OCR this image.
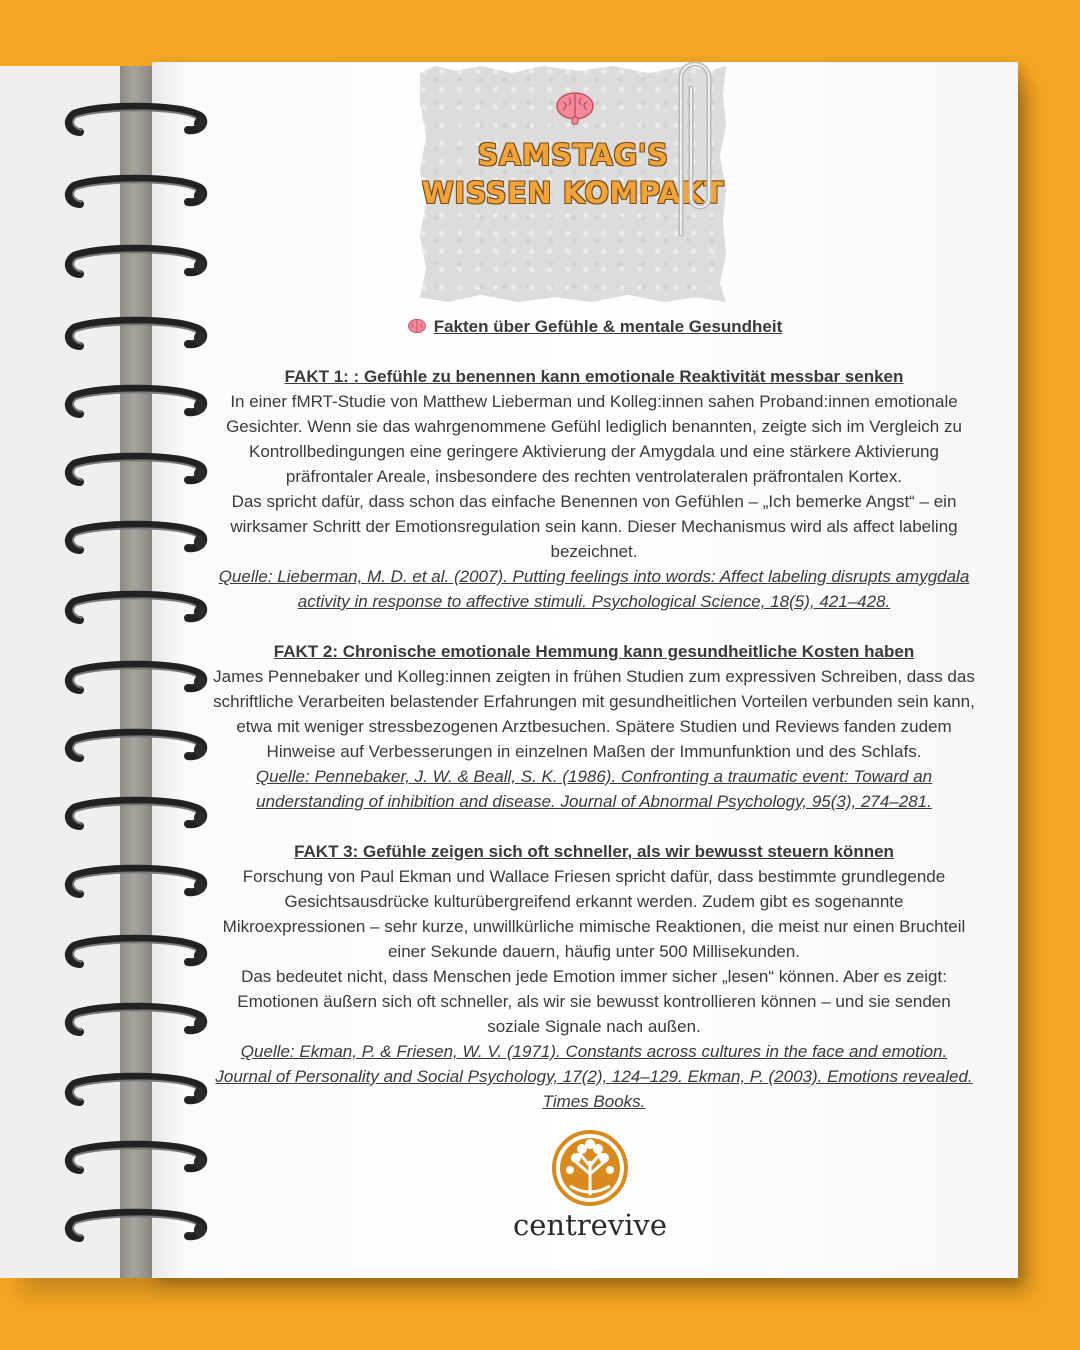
SAMSTAG'S
WISSEN KOMPAKT

Fakten über Gefühle & mentale Gesundheit

FAKT 1: : Gefühle zu benennen kann emotionale Reaktivität messbar senken

In einer fMRT-Studie von Matthew Lieberman und Kolleg:innen sahen Proband:innen emotionale Gesichter. Wenn sie das wahrgenommene Gefühl lediglich benannten, zeigte sich im Vergleich zu Kontrollbedingungen eine geringere Aktivierung der Amygdala und eine stärkere Aktivierung präfrontaler Areale, insbesondere des rechten ventrolateralen präfrontalen Kortex.

Das spricht dafür, dass schon das einfache Benennen von Gefühlen – „Ich bemerke Angst“ – ein wirksamer Schritt der Emotionsregulation sein kann. Dieser Mechanismus wird als affect labeling bezeichnet.

Quelle: Lieberman, M. D. et al. (2007). Putting feelings into words: Affect labeling disrupts amygdala activity in response to affective stimuli. Psychological Science, 18(5), 421–428.

FAKT 2: Chronische emotionale Hemmung kann gesundheitliche Kosten haben

James Pennebaker und Kolleg:innen zeigten in frühen Studien zum expressiven Schreiben, dass das schriftliche Verarbeiten belastender Erfahrungen mit gesundheitlichen Vorteilen verbunden sein kann, etwa mit weniger stressbezogenen Arztbesuchen. Spätere Studien und Reviews fanden zudem Hinweise auf Verbesserungen in einzelnen Maßen der Immunfunktion und des Schlafs.

Quelle: Pennebaker, J. W. & Beall, S. K. (1986). Confronting a traumatic event: Toward an understanding of inhibition and disease. Journal of Abnormal Psychology, 95(3), 274–281.

FAKT 3: Gefühle zeigen sich oft schneller, als wir bewusst steuern können

Forschung von Paul Ekman und Wallace Friesen spricht dafür, dass bestimmte grundlegende Gesichtsausdrücke kulturübergreifend erkannt werden. Zudem gibt es sogenannte Mikroexpressionen – sehr kurze, unwillkürliche mimische Reaktionen, die meist nur einen Bruchteil einer Sekunde dauern, häufig unter 500 Millisekunden.

Das bedeutet nicht, dass Menschen jede Emotion immer sicher „lesen“ können. Aber es zeigt: Emotionen äußern sich oft schneller, als wir sie bewusst kontrollieren können – und sie senden soziale Signale nach außen.

Quelle: Ekman, P. & Friesen, W. V. (1971). Constants across cultures in the face and emotion. Journal of Personality and Social Psychology, 17(2), 124–129. Ekman, P. (2003). Emotions revealed. Times Books.

centrevive
